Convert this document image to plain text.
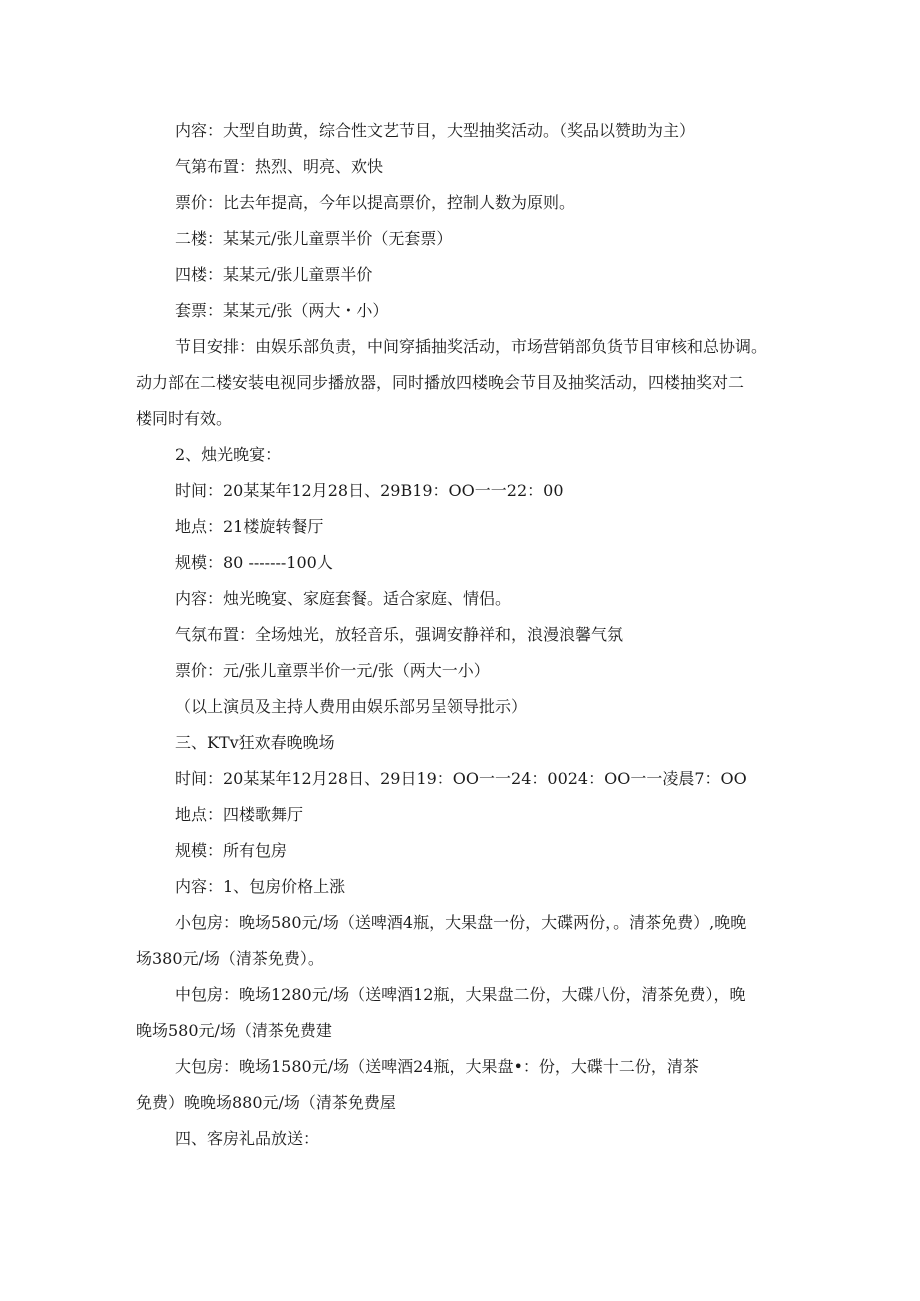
内容：大型自助黄，综合性文艺节目，大型抽奖活动。（奖品以赞助为主）

气第布置：热烈、明亮、欢快

票价：比去年提高，今年以提高票价，控制人数为原则。

二楼：某某元/张儿童票半价（无套票）

四楼：某某元/张儿童票半价

套票：某某元/张（两大・小）

节目安排：由娱乐部负责，中间穿插抽奖活动，市场营销部负货节目审核和总协调。

动力部在二楼安装电视同步播放器，同时播放四楼晚会节目及抽奖活动，四楼抽奖对二

楼同时有效。

2、烛光晚宴：

时间：20某某年12月28日、29B19：OO一一22：00

地点：21楼旋转餐厅

规模：80 -------100人

内容：烛光晚宴、家庭套餐。适合家庭、情侣。

气氛布置：全场烛光，放轻音乐，强调安静祥和，浪漫浪馨气氛

票价：元/张儿童票半价一元/张（两大一小）

（以上演员及主持人费用由娱乐部另呈领导批示）

三、KTv狂欢春晚晚场

时间：20某某年12月28日、29日19：OO一一24：0024：OO一一凌晨7：OO

地点：四楼歌舞厅

规模：所有包房

内容：1、包房价格上涨

小包房：晚场580元/场（送啤酒4瓶，大果盘一份，大碟两份，。清茶免费）,晚晚

场380元/场（清茶免费）。

中包房：晚场1280元/场（送啤酒12瓶，大果盘二份，大碟八份，清茶免费），晚

晚场580元/场（清茶免费建

大包房：晚场1580元/场（送啤酒24瓶，大果盘•：份，大碟十二份，清茶

免费）晚晚场880元/场（清茶免费屋

四、客房礼品放送：
